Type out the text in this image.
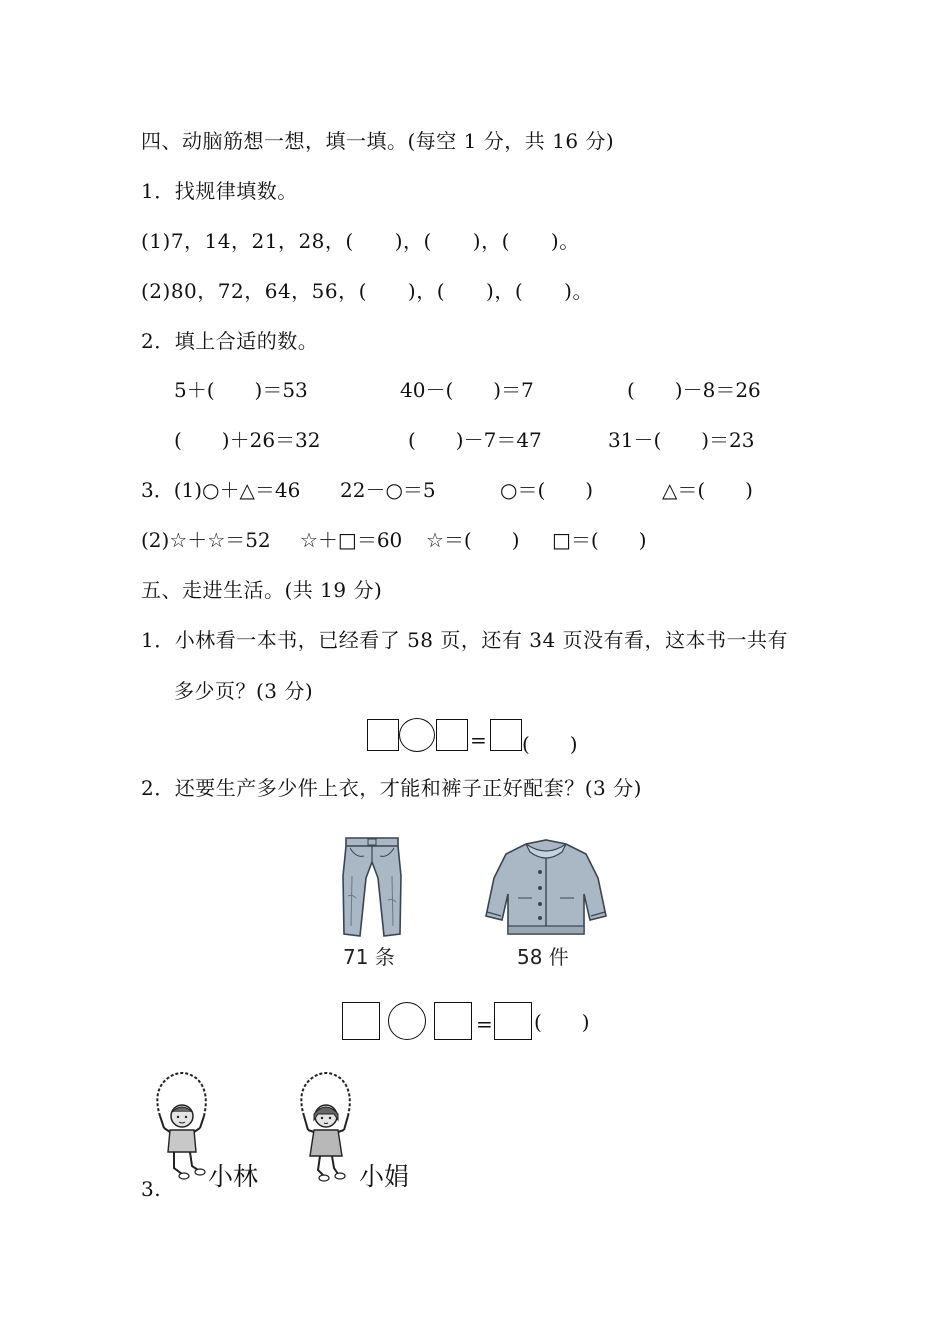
四、动脑筋想一想，填一填。(每空 1 分，共 16 分)
1．找规律填数。
(1)7，14，21，28，(　　)，(　　)，(　　)。
(2)80，72，64，56，(　　)，(　　)，(　　)。
2．填上合适的数。
5＋(　　)＝53	40－(　　)＝7	(　　)－8＝26
(　　)＋26＝32	(　　)－7＝47	31－(　　)＝23
3．(1)○＋△＝46 22－○＝5	○＝(　　)	△＝(　　)
(2)☆＋☆＝52 ☆＋□＝60 ☆＝(　　) □＝(　　)
五、走进生活。(共 19 分)
1．小林看一本书，已经看了 58 页，还有 34 页没有看，这本书一共有
多少页？(3 分)
= (　　)
2．还要生产多少件上衣，才能和裤子正好配套？(3 分)
71 条	58 件
= (　　)
3. 小林	小娟
